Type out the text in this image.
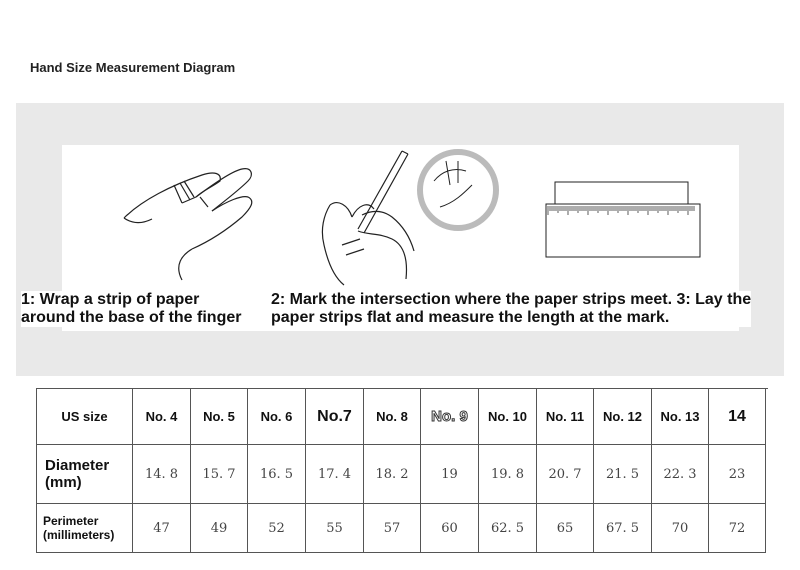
Hand Size Measurement Diagram
1: Wrap a strip of paper
around the base of the finger
2: Mark the intersection where the paper strips meet. 3: Lay the
paper strips flat and measure the length at the mark.
US size	No. 4	No. 5	No. 6	No.7	No. 8	No. 9	No. 10	No. 11	No. 12	No. 13	14
Diameter
(mm)	14. 8	15. 7	16. 5	17. 4	18. 2	19	19. 8	20. 7	21. 5	22. 3	23
Perimeter
(millimeters)	47	49	52	55	57	60	62. 5	65	67. 5	70	72
